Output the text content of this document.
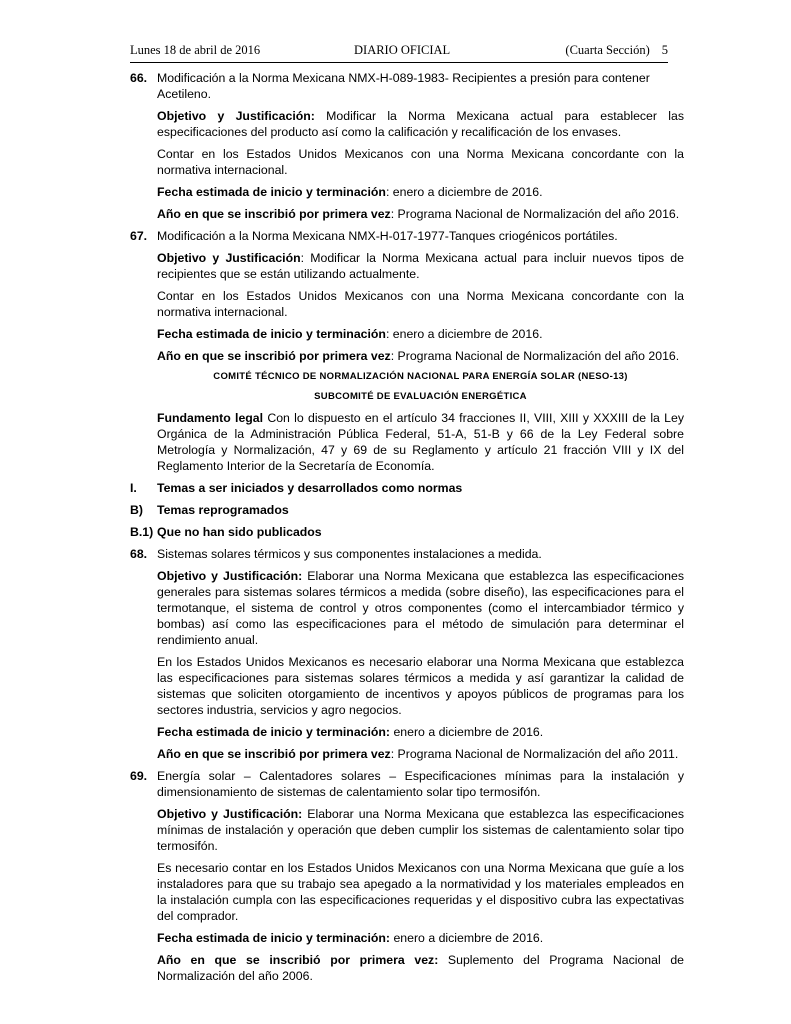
Lunes 18 de abril de 2016	DIARIO OFICIAL	(Cuarta Sección) 5
66. Modificación a la Norma Mexicana NMX-H-089-1983- Recipientes a presión para contener Acetileno.
Objetivo y Justificación: Modificar la Norma Mexicana actual para establecer las especificaciones del producto así como la calificación y recalificación de los envases.
Contar en los Estados Unidos Mexicanos con una Norma Mexicana concordante con la normativa internacional.
Fecha estimada de inicio y terminación: enero a diciembre de 2016.
Año en que se inscribió por primera vez: Programa Nacional de Normalización del año 2016.
67. Modificación a la Norma Mexicana NMX-H-017-1977-Tanques criogénicos portátiles.
Objetivo y Justificación: Modificar la Norma Mexicana actual para incluir nuevos tipos de recipientes que se están utilizando actualmente.
Contar en los Estados Unidos Mexicanos con una Norma Mexicana concordante con la normativa internacional.
Fecha estimada de inicio y terminación: enero a diciembre de 2016.
Año en que se inscribió por primera vez: Programa Nacional de Normalización del año 2016.
COMITÉ TÉCNICO DE NORMALIZACIÓN NACIONAL PARA ENERGÍA SOLAR (NESO-13)
SUBCOMITÉ DE EVALUACIÓN ENERGÉTICA
Fundamento legal Con lo dispuesto en el artículo 34 fracciones II, VIII, XIII y XXXIII de la Ley Orgánica de la Administración Pública Federal, 51-A, 51-B y 66 de la Ley Federal sobre Metrología y Normalización, 47 y 69 de su Reglamento y artículo 21 fracción VIII y IX del Reglamento Interior de la Secretaría de Economía.
I. Temas a ser iniciados y desarrollados como normas
B) Temas reprogramados
B.1) Que no han sido publicados
68. Sistemas solares térmicos y sus componentes instalaciones a medida.
Objetivo y Justificación: Elaborar una Norma Mexicana que establezca las especificaciones generales para sistemas solares térmicos a medida (sobre diseño), las especificaciones para el termotanque, el sistema de control y otros componentes (como el intercambiador térmico y bombas) así como las especificaciones para el método de simulación para determinar el rendimiento anual.
En los Estados Unidos Mexicanos es necesario elaborar una Norma Mexicana que establezca las especificaciones para sistemas solares térmicos a medida y así garantizar la calidad de sistemas que soliciten otorgamiento de incentivos y apoyos públicos de programas para los sectores industria, servicios y agro negocios.
Fecha estimada de inicio y terminación: enero a diciembre de 2016.
Año en que se inscribió por primera vez: Programa Nacional de Normalización del año 2011.
69. Energía solar – Calentadores solares – Especificaciones mínimas para la instalación y dimensionamiento de sistemas de calentamiento solar tipo termosifón.
Objetivo y Justificación: Elaborar una Norma Mexicana que establezca las especificaciones mínimas de instalación y operación que deben cumplir los sistemas de calentamiento solar tipo termosifón.
Es necesario contar en los Estados Unidos Mexicanos con una Norma Mexicana que guíe a los instaladores para que su trabajo sea apegado a la normatividad y los materiales empleados en la instalación cumpla con las especificaciones requeridas y el dispositivo cubra las expectativas del comprador.
Fecha estimada de inicio y terminación: enero a diciembre de 2016.
Año en que se inscribió por primera vez: Suplemento del Programa Nacional de Normalización del año 2006.
